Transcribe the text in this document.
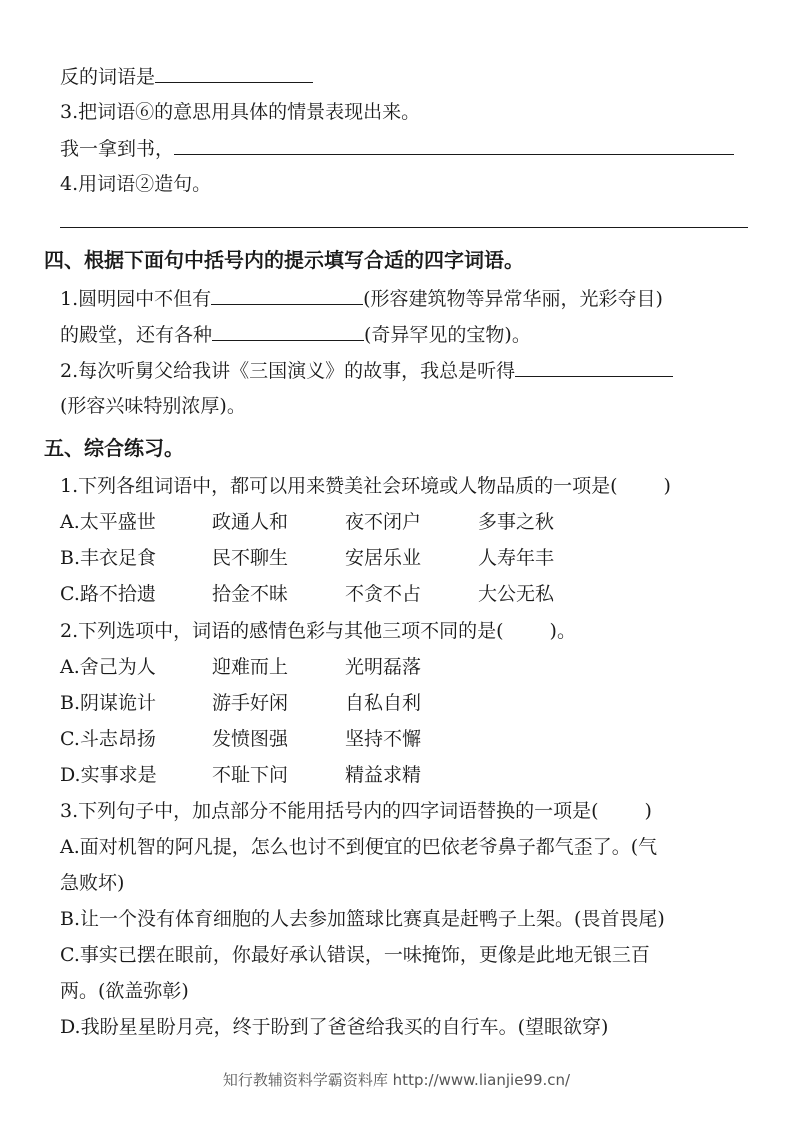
反的词语是
3.把词语⑥的意思用具体的情景表现出来。
我一拿到书，
4.用词语②造句。
四、根据下面句中括号内的提示填写合适的四字词语。
1.圆明园中不但有	(形容建筑物等异常华丽，光彩夺目)
的殿堂，还有各种	(奇异罕见的宝物)。
2.每次听舅父给我讲《三国演义》的故事，我总是听得
(形容兴味特别浓厚)。
五、综合练习。
1.下列各组词语中，都可以用来赞美社会环境或人物品质的一项是( )
A.太平盛世	政通人和	夜不闭户	多事之秋
B.丰衣足食	民不聊生	安居乐业	人寿年丰
C.路不拾遗	拾金不昧	不贪不占	大公无私
2.下列选项中，词语的感情色彩与其他三项不同的是( )。
A.舍己为人	迎难而上	光明磊落
B.阴谋诡计	游手好闲	自私自利
C.斗志昂扬	发愤图强	坚持不懈
D.实事求是	不耻下问	精益求精
3.下列句子中，加点部分不能用括号内的四字词语替换的一项是( )
A.面对机智的阿凡提，怎么也讨不到便宜的巴依老爷鼻子都气歪了。(气
急败坏)
B.让一个没有体育细胞的人去参加篮球比赛真是赶鸭子上架。(畏首畏尾)
C.事实已摆在眼前，你最好承认错误，一味掩饰，更像是此地无银三百
两。(欲盖弥彰)
D.我盼星星盼月亮，终于盼到了爸爸给我买的自行车。(望眼欲穿)
知行教辅资料学霸资料库 http://www.lianjie99.cn/
